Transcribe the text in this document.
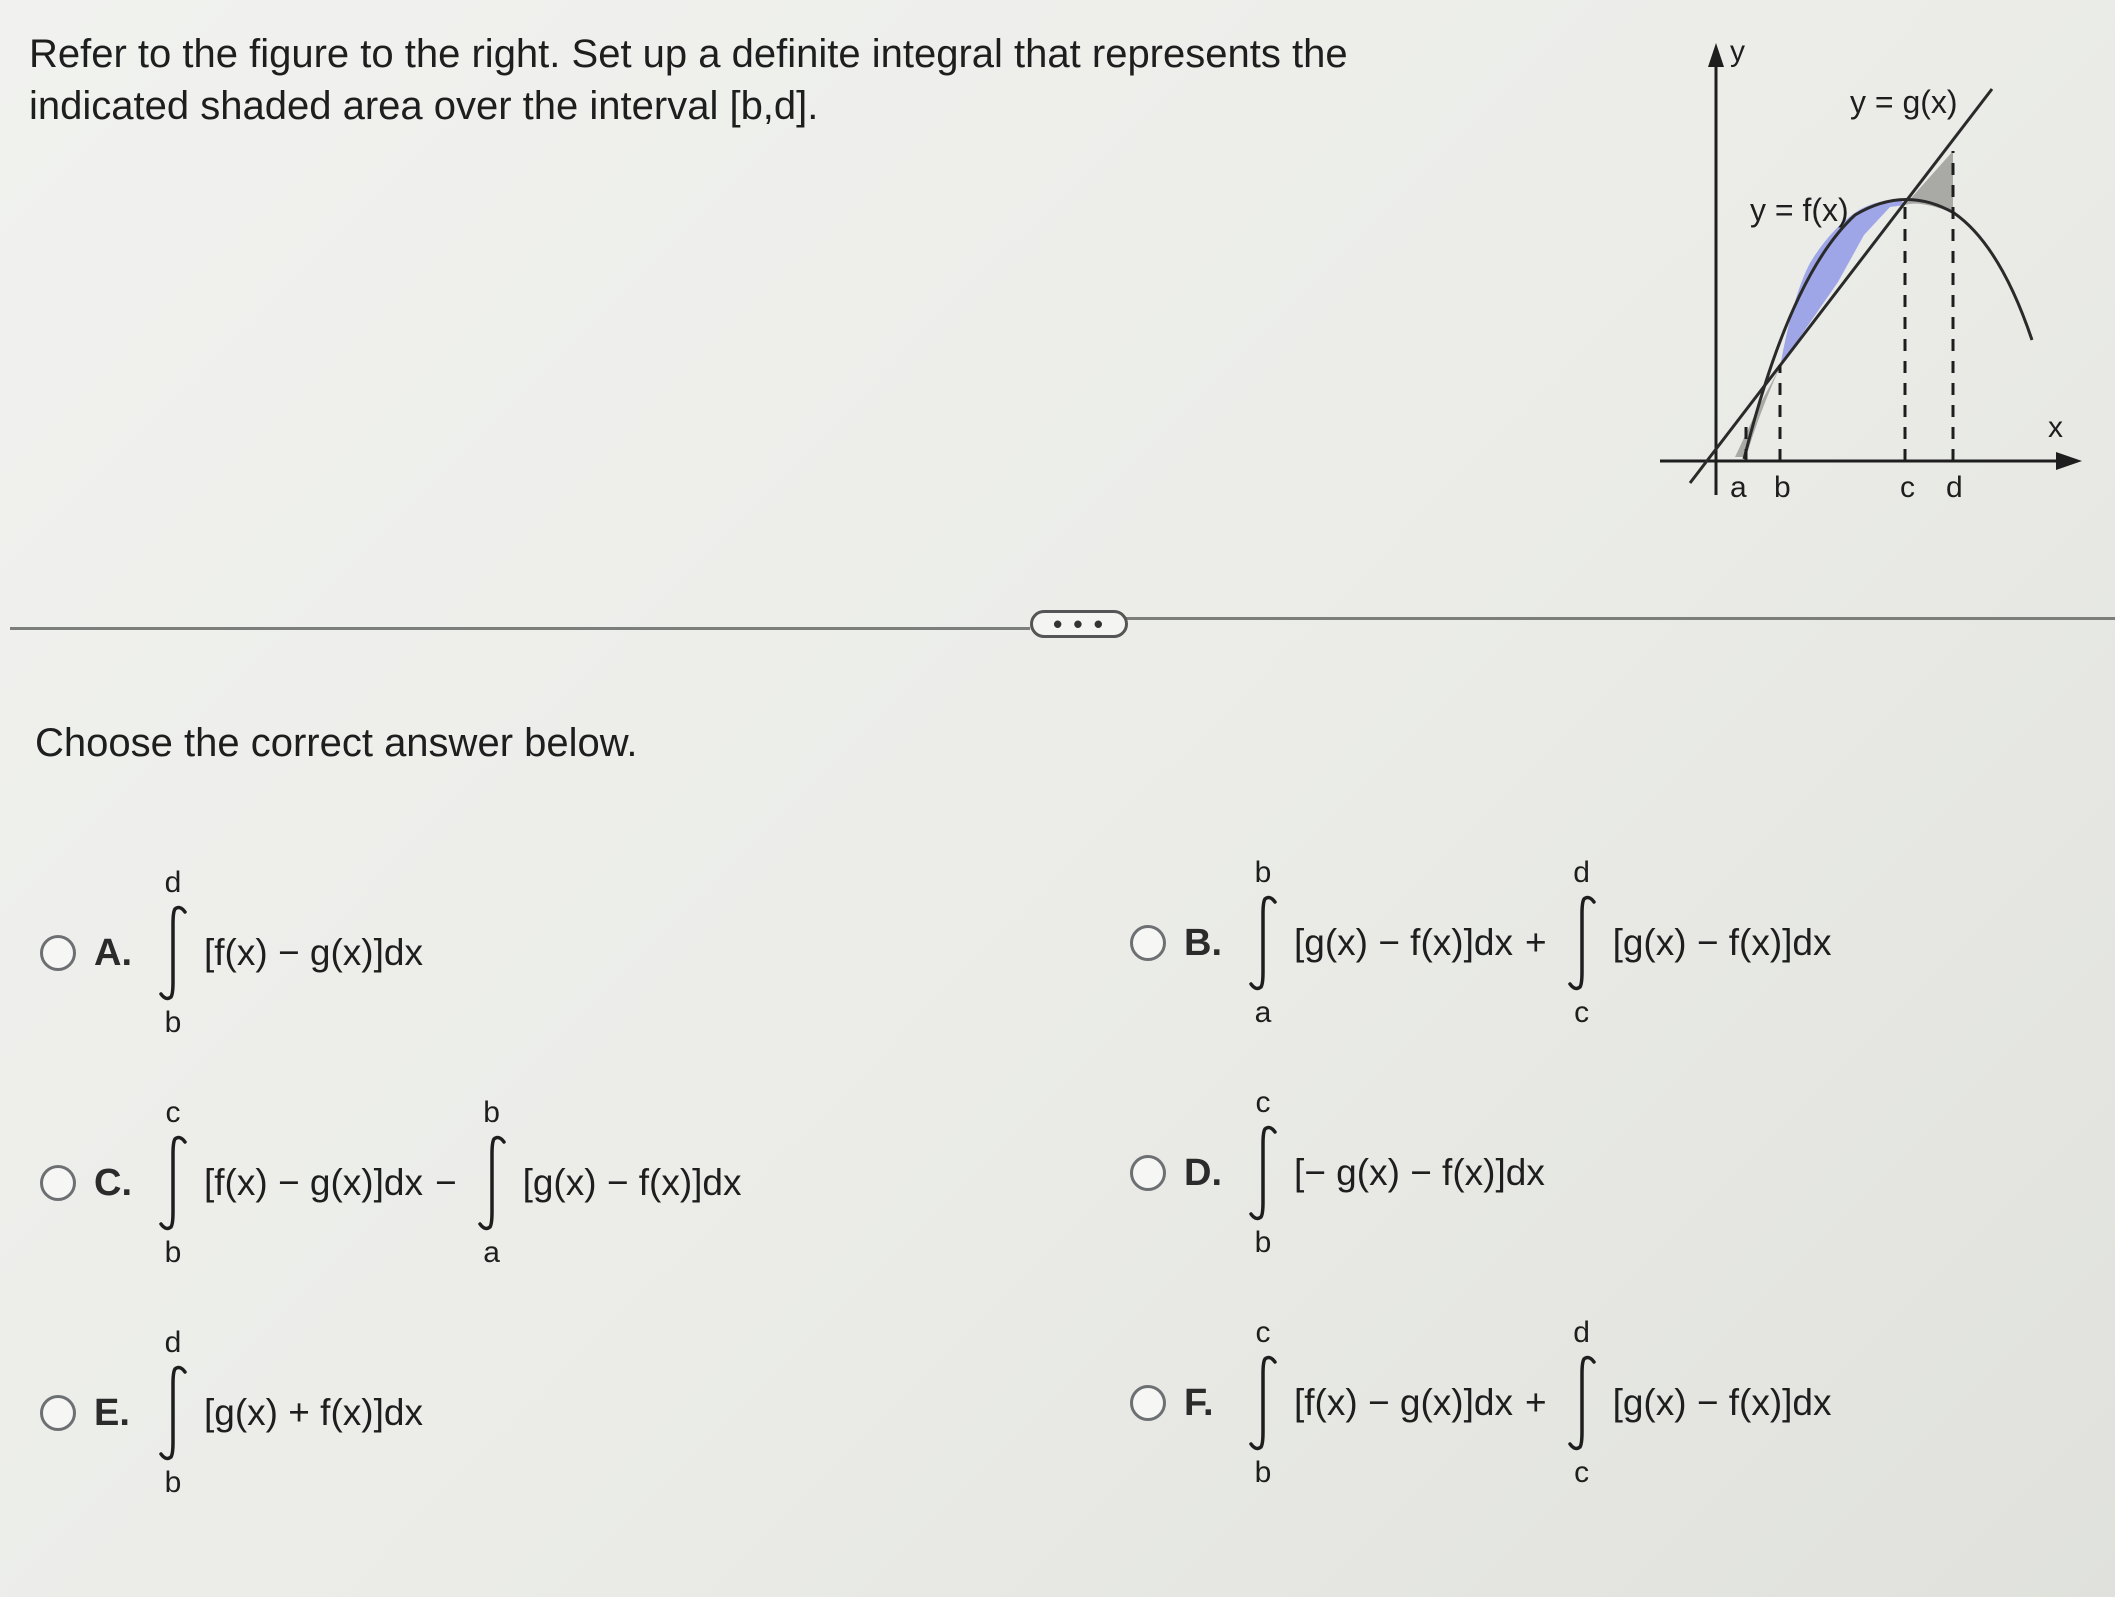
Refer to the figure to the right. Set up a definite integral that represents the indicated shaded area over the interval [b,d].

y
x
y = g(x)
y = f(x)
a b	c d
• • •

Choose the correct answer below.

A.
d
b
[f(x) − g(x)]dx	B.
b
a
[g(x) − f(x)]dx +
d
c
[g(x) − f(x)]dx
C.
c
b
[f(x) − g(x)]dx −
b
a
[g(x) − f(x)]dx	D.
c
b
[− g(x) − f(x)]dx
E.
d
b
[g(x) + f(x)]dx	F.
c
b
[f(x) − g(x)]dx +
d
c
[g(x) − f(x)]dx
